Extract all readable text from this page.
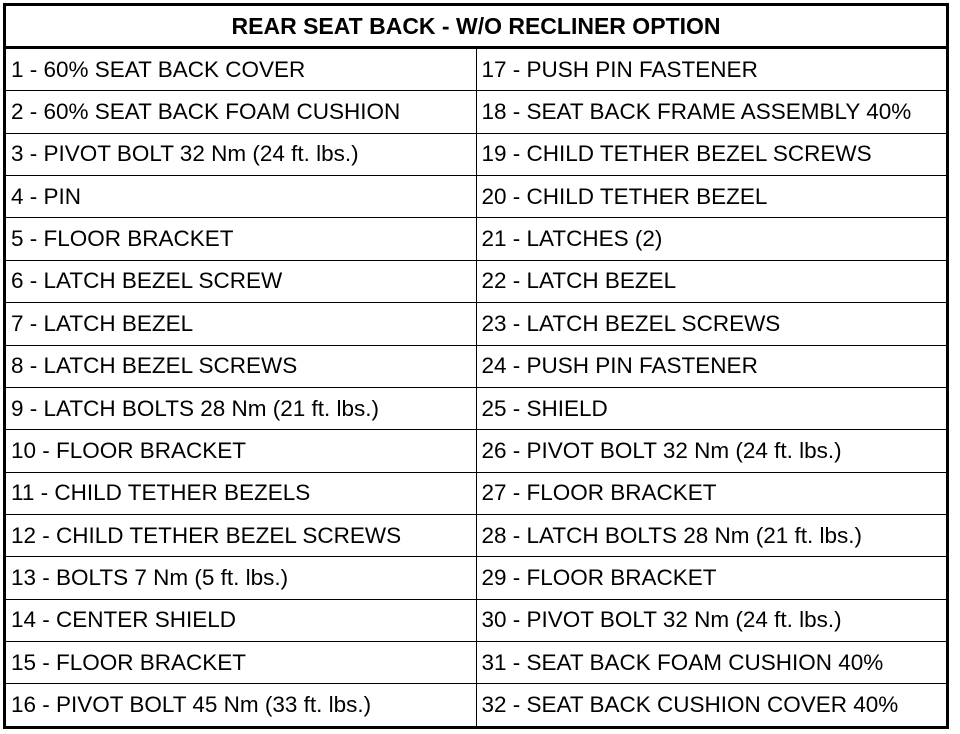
REAR SEAT BACK - W/O RECLINER OPTION	
1 - 60% SEAT BACK COVER	17 - PUSH PIN FASTENER
2 - 60% SEAT BACK FOAM CUSHION	18 - SEAT BACK FRAME ASSEMBLY 40%
3 - PIVOT BOLT 32 Nm (24 ft. lbs.)	19 - CHILD TETHER BEZEL SCREWS
4 - PIN	20 - CHILD TETHER BEZEL
5 - FLOOR BRACKET	21 - LATCHES (2)
6 - LATCH BEZEL SCREW	22 - LATCH BEZEL
7 - LATCH BEZEL	23 - LATCH BEZEL SCREWS
8 - LATCH BEZEL SCREWS	24 - PUSH PIN FASTENER
9 - LATCH BOLTS 28 Nm (21 ft. lbs.)	25 - SHIELD
10 - FLOOR BRACKET	26 - PIVOT BOLT 32 Nm (24 ft. lbs.)
11 - CHILD TETHER BEZELS	27 - FLOOR BRACKET
12 - CHILD TETHER BEZEL SCREWS	28 - LATCH BOLTS 28 Nm (21 ft. lbs.)
13 - BOLTS 7 Nm (5 ft. lbs.)	29 - FLOOR BRACKET
14 - CENTER SHIELD	30 - PIVOT BOLT 32 Nm (24 ft. lbs.)
15 - FLOOR BRACKET	31 - SEAT BACK FOAM CUSHION 40%
16 - PIVOT BOLT 45 Nm (33 ft. lbs.)	32 - SEAT BACK CUSHION COVER 40%
